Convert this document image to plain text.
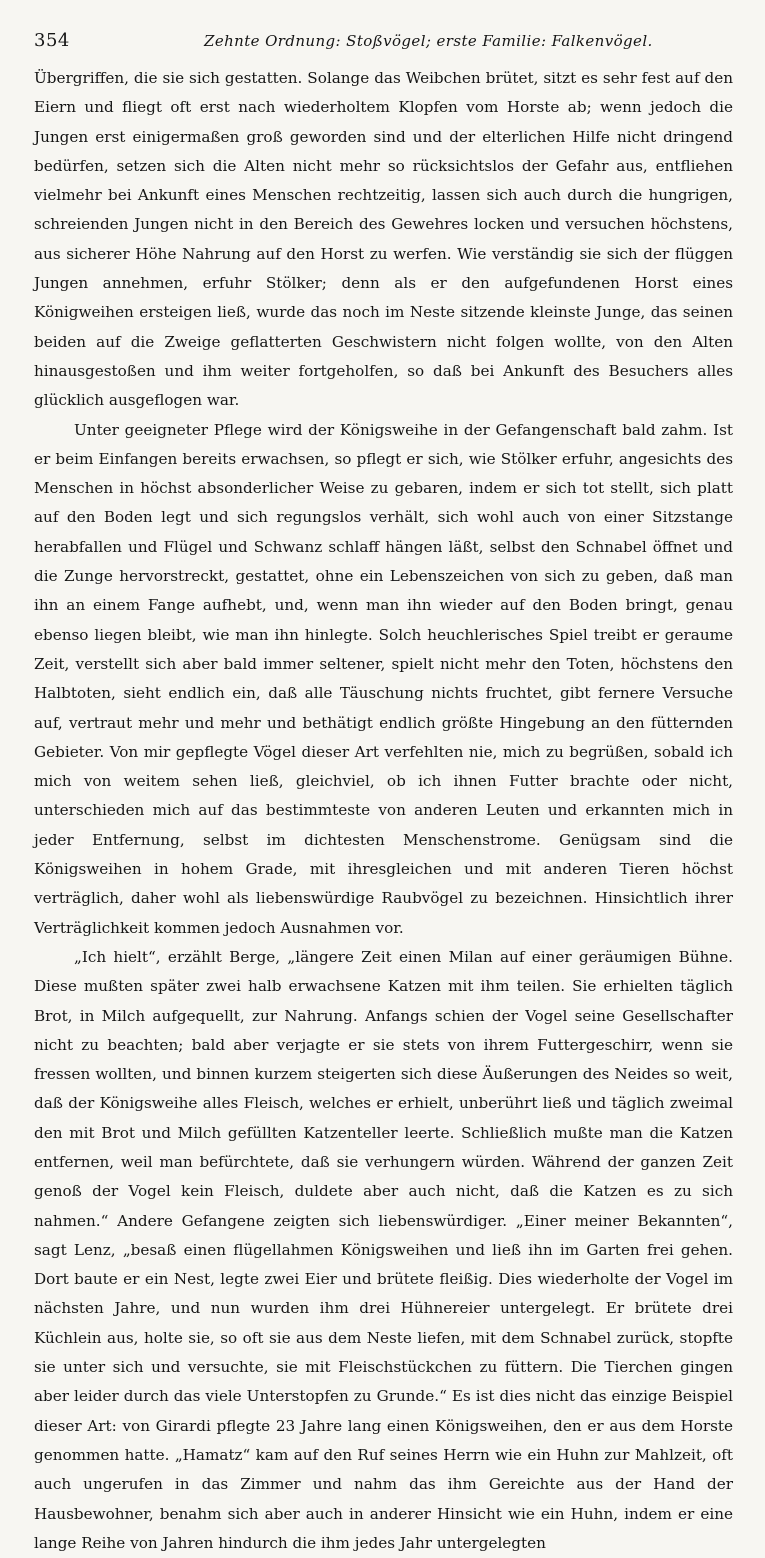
354	Zehnte Ordnung: Stoßvögel; erste Familie: Falkenvögel.

Übergriffen, die sie sich gestatten. Solange das Weibchen brütet, sitzt es sehr fest auf den Eiern und fliegt oft erst nach wiederholtem Klopfen vom Horste ab; wenn jedoch die Jungen erst einigermaßen groß geworden sind und der elterlichen Hilfe nicht dringend bedürfen, setzen sich die Alten nicht mehr so rücksichtslos der Gefahr aus, entfliehen vielmehr bei Ankunft eines Menschen rechtzeitig, lassen sich auch durch die hungrigen, schreienden Jungen nicht in den Bereich des Gewehres locken und versuchen höchstens, aus sicherer Höhe Nahrung auf den Horst zu werfen. Wie verständig sie sich der flüggen Jungen annehmen, erfuhr Stölker; denn als er den aufgefundenen Horst eines Königweihen ersteigen ließ, wurde das noch im Neste sitzende kleinste Junge, das seinen beiden auf die Zweige geflatterten Geschwistern nicht folgen wollte, von den Alten hinausgestoßen und ihm weiter fortgeholfen, so daß bei Ankunft des Besuchers alles glücklich ausgeflogen war.

Unter geeigneter Pflege wird der Königsweihe in der Gefangenschaft bald zahm. Ist er beim Einfangen bereits erwachsen, so pflegt er sich, wie Stölker erfuhr, angesichts des Menschen in höchst absonderlicher Weise zu gebaren, indem er sich tot stellt, sich platt auf den Boden legt und sich regungslos verhält, sich wohl auch von einer Sitzstange herabfallen und Flügel und Schwanz schlaff hängen läßt, selbst den Schnabel öffnet und die Zunge hervorstreckt, gestattet, ohne ein Lebenszeichen von sich zu geben, daß man ihn an einem Fange aufhebt, und, wenn man ihn wieder auf den Boden bringt, genau ebenso liegen bleibt, wie man ihn hinlegte. Solch heuchlerisches Spiel treibt er geraume Zeit, verstellt sich aber bald immer seltener, spielt nicht mehr den Toten, höchstens den Halbtoten, sieht endlich ein, daß alle Täuschung nichts fruchtet, gibt fernere Versuche auf, vertraut mehr und mehr und bethätigt endlich größte Hingebung an den fütternden Gebieter. Von mir gepflegte Vögel dieser Art verfehlten nie, mich zu begrüßen, sobald ich mich von weitem sehen ließ, gleichviel, ob ich ihnen Futter brachte oder nicht, unterschieden mich auf das bestimmteste von anderen Leuten und erkannten mich in jeder Entfernung, selbst im dichtesten Menschenstrome. Genügsam sind die Königsweihen in hohem Grade, mit ihresgleichen und mit anderen Tieren höchst verträglich, daher wohl als liebenswürdige Raubvögel zu bezeichnen. Hinsichtlich ihrer Verträglichkeit kommen jedoch Ausnahmen vor.

„Ich hielt“, erzählt Berge, „längere Zeit einen Milan auf einer geräumigen Bühne. Diese mußten später zwei halb erwachsene Katzen mit ihm teilen. Sie erhielten täglich Brot, in Milch aufgequellt, zur Nahrung. Anfangs schien der Vogel seine Gesellschafter nicht zu beachten; bald aber verjagte er sie stets von ihrem Futtergeschirr, wenn sie fressen wollten, und binnen kurzem steigerten sich diese Äußerungen des Neides so weit, daß der Königsweihe alles Fleisch, welches er erhielt, unberührt ließ und täglich zweimal den mit Brot und Milch gefüllten Katzenteller leerte. Schließlich mußte man die Katzen entfernen, weil man befürchtete, daß sie verhungern würden. Während der ganzen Zeit genoß der Vogel kein Fleisch, duldete aber auch nicht, daß die Katzen es zu sich nahmen.“ Andere Gefangene zeigten sich liebenswürdiger. „Einer meiner Bekannten“, sagt Lenz, „besaß einen flügellahmen Königsweihen und ließ ihn im Garten frei gehen. Dort baute er ein Nest, legte zwei Eier und brütete fleißig. Dies wiederholte der Vogel im nächsten Jahre, und nun wurden ihm drei Hühnereier untergelegt. Er brütete drei Küchlein aus, holte sie, so oft sie aus dem Neste liefen, mit dem Schnabel zurück, stopfte sie unter sich und versuchte, sie mit Fleischstückchen zu füttern. Die Tierchen gingen aber leider durch das viele Unterstopfen zu Grunde.“ Es ist dies nicht das einzige Beispiel dieser Art: von Girardi pflegte 23 Jahre lang einen Königsweihen, den er aus dem Horste genommen hatte. „Hamatz“ kam auf den Ruf seines Herrn wie ein Huhn zur Mahlzeit, oft auch ungerufen in das Zimmer und nahm das ihm Gereichte aus der Hand der Hausbewohner, benahm sich aber auch in anderer Hinsicht wie ein Huhn, indem er eine lange Reihe von Jahren hindurch die ihm jedes Jahr untergelegten
